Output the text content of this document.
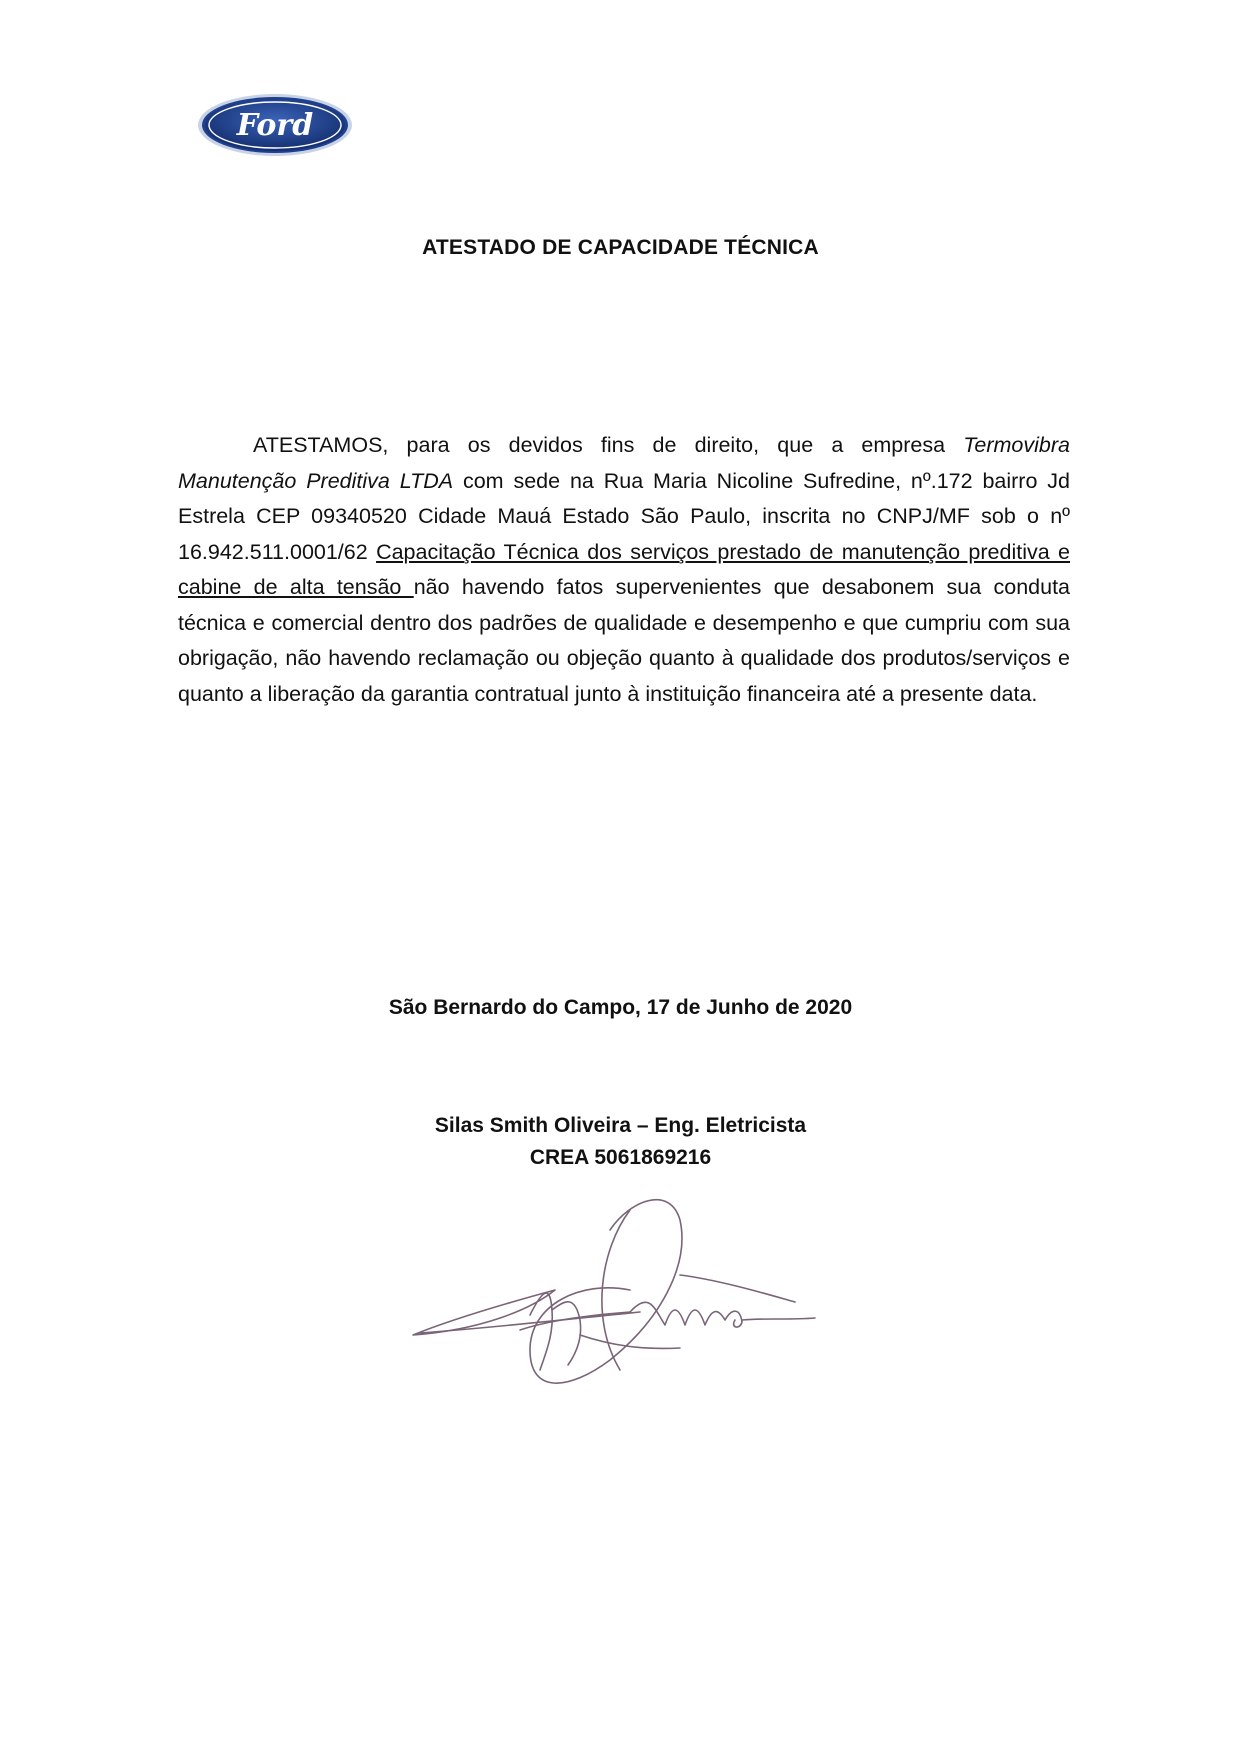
Ford
ATESTADO DE CAPACIDADE TÉCNICA

ATESTAMOS, para os devidos fins de direito, que a empresa Termovibra Manutenção Preditiva LTDA com sede na Rua Maria Nicoline Sufredine, nº.172 bairro Jd Estrela CEP 09340520 Cidade Mauá Estado São Paulo, inscrita no CNPJ/MF sob o nº 16.942.511.0001/62 Capacitação Técnica dos serviços prestado de manutenção preditiva e cabine de alta tensão não havendo fatos supervenientes que desabonem sua conduta técnica e comercial dentro dos padrões de qualidade e desempenho e que cumpriu com sua obrigação, não havendo reclamação ou objeção quanto à qualidade dos produtos/serviços e quanto a liberação da garantia contratual junto à instituição financeira até a presente data.

São Bernardo do Campo, 17 de Junho de 2020
Silas Smith Oliveira – Eng. Eletricista
CREA 5061869216
